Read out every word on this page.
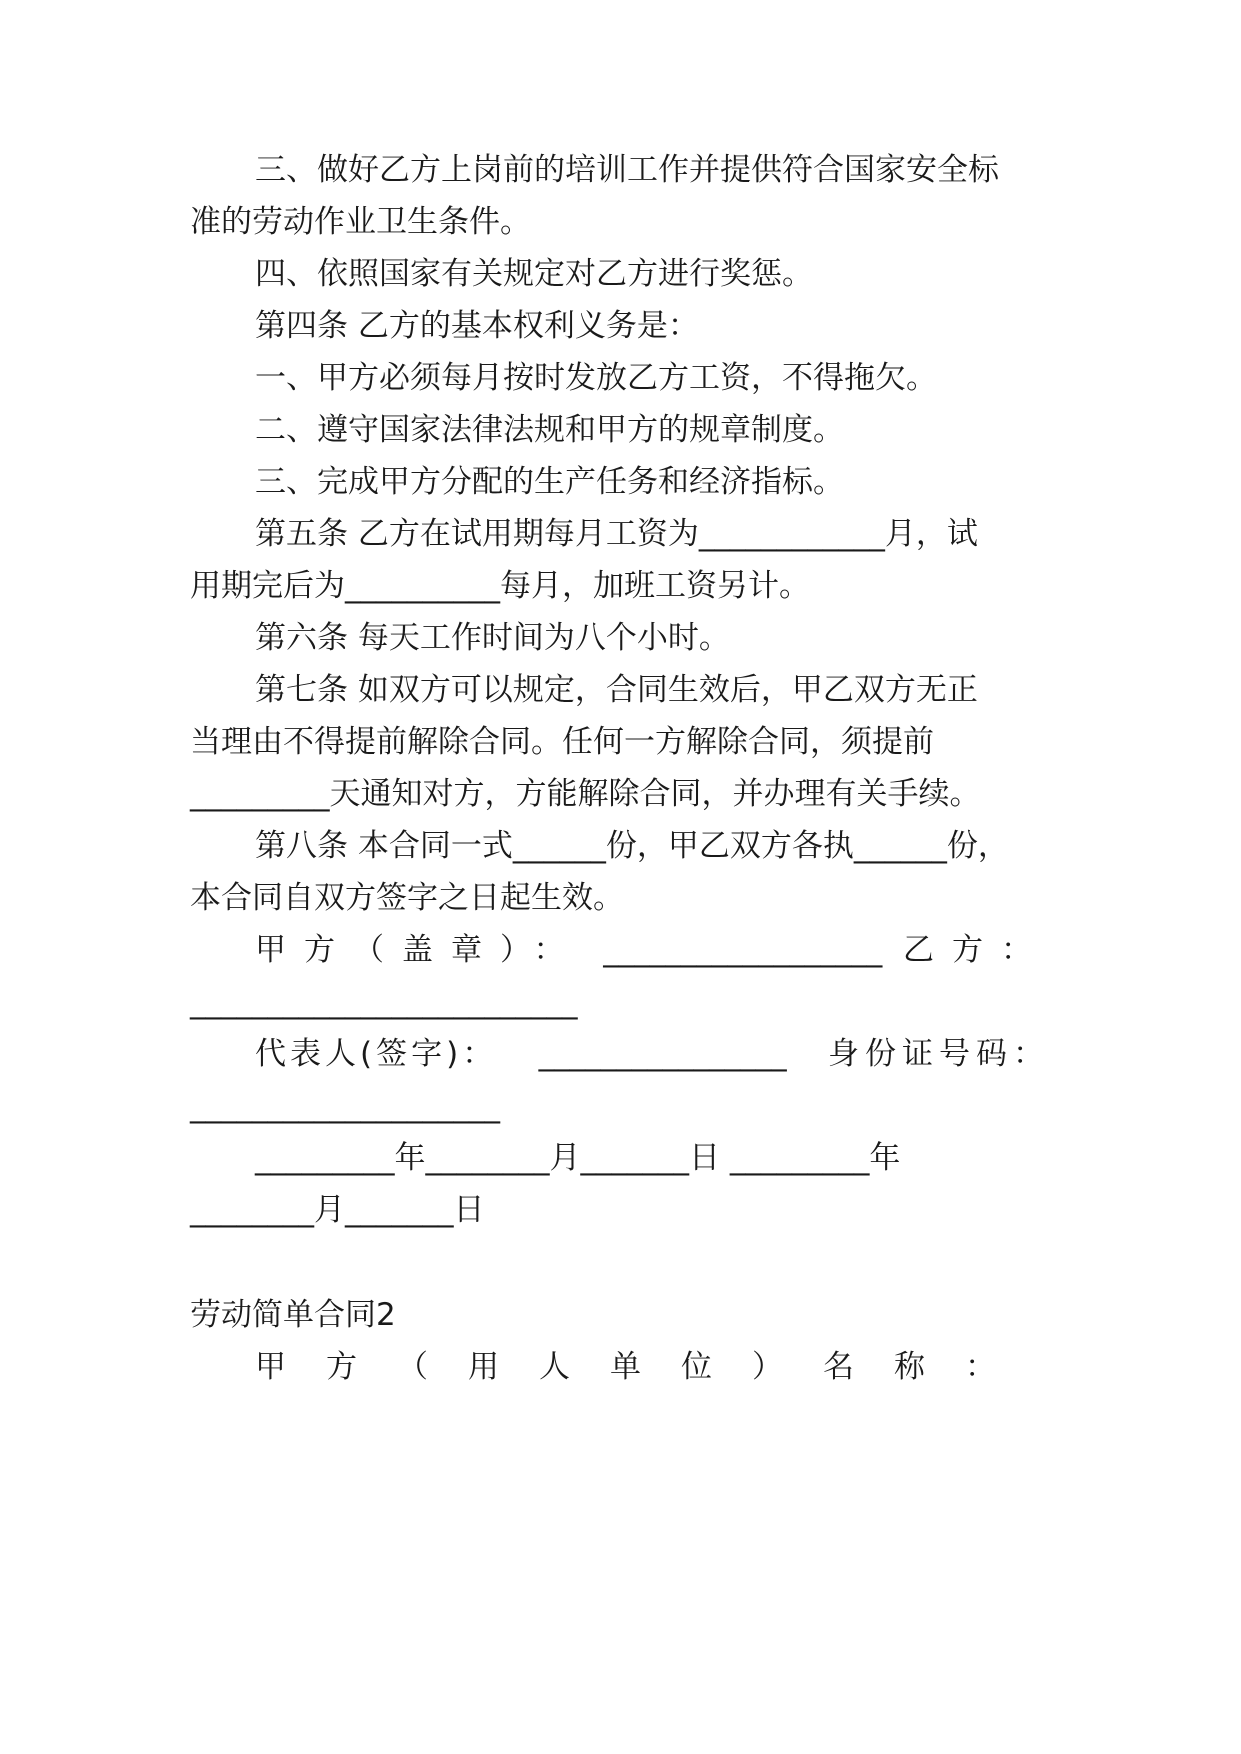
三、做好乙方上岗前的培训工作并提供符合国家安全标
准的劳动作业卫生条件。
四、依照国家有关规定对乙方进行奖惩。
第四条 乙方的基本权利义务是：
一、甲方必须每月按时发放乙方工资，不得拖欠。
二、遵守国家法律法规和甲方的规章制度。
三、完成甲方分配的生产任务和经济指标。
第五条 乙方在试用期每月工资为____________月，试
用期完后为__________每月，加班工资另计。
第六条 每天工作时间为八个小时。
第七条 如双方可以规定，合同生效后，甲乙双方无正
当理由不得提前解除合同。任何一方解除合同，须提前
_________天通知对方，方能解除合同，并办理有关手续。
第八条 本合同一式______份，甲乙双方各执______份，
本合同自双方签字之日起生效。
甲方（盖章）： __________________ 乙方：
_________________________
代表人(签字)： ________________ 身份证号码：
____________________
_________年________月_______日 _________年
________月_______日
劳动简单合同2
甲方（用人单位）名称：
